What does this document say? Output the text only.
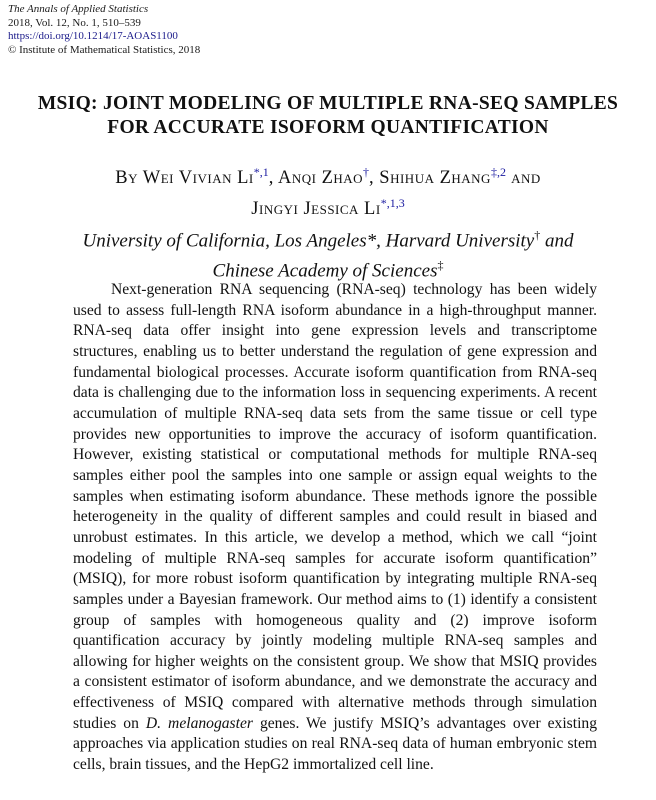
The Annals of Applied Statistics
2018, Vol. 12, No. 1, 510–539
https://doi.org/10.1214/17-AOAS1100
© Institute of Mathematical Statistics, 2018
MSIQ: JOINT MODELING OF MULTIPLE RNA-SEQ SAMPLES
FOR ACCURATE ISOFORM QUANTIFICATION
By Wei Vivian $Li^{*,1}$, Anqi Zhao†, Shihua Zhang$^{\ddagger,2}$ and
Jingyi Jessica $Li^{*,1,3}$
University of California, Los Angeles*, Harvard University† and
Chinese Academy of Sciences‡
Next-generation RNA sequencing (RNA-seq) technology has been widely used to assess full-length RNA isoform abundance in a high-throughput manner. RNA-seq data offer insight into gene expression levels and transcriptome structures, enabling us to better understand the regulation of gene expression and fundamental biological processes. Accurate isoform quantification from RNA-seq data is challenging due to the information loss in sequencing experiments. A recent accumulation of multiple RNA-seq data sets from the same tissue or cell type provides new opportunities to improve the accuracy of isoform quantification. However, existing statistical or computational methods for multiple RNA-seq samples either pool the samples into one sample or assign equal weights to the samples when estimating isoform abundance. These methods ignore the possible heterogeneity in the quality of different samples and could result in biased and unrobust estimates. In this article, we develop a method, which we call “joint modeling of multiple RNA-seq samples for accurate isoform quantification” (MSIQ), for more robust isoform quantification by integrating multiple RNA-seq samples under a Bayesian framework. Our method aims to (1) identify a consistent group of samples with homogeneous quality and (2) improve isoform quantification accuracy by jointly modeling multiple RNA-seq samples and allowing for higher weights on the consistent group. We show that MSIQ provides a consistent estimator of isoform abundance, and we demonstrate the accuracy and effectiveness of MSIQ compared with alternative methods through simulation studies on D. melanogaster genes. We justify MSIQ’s advantages over existing approaches via application studies on real RNA-seq data of human embryonic stem cells, brain tissues, and the HepG2 immortalized cell line.
